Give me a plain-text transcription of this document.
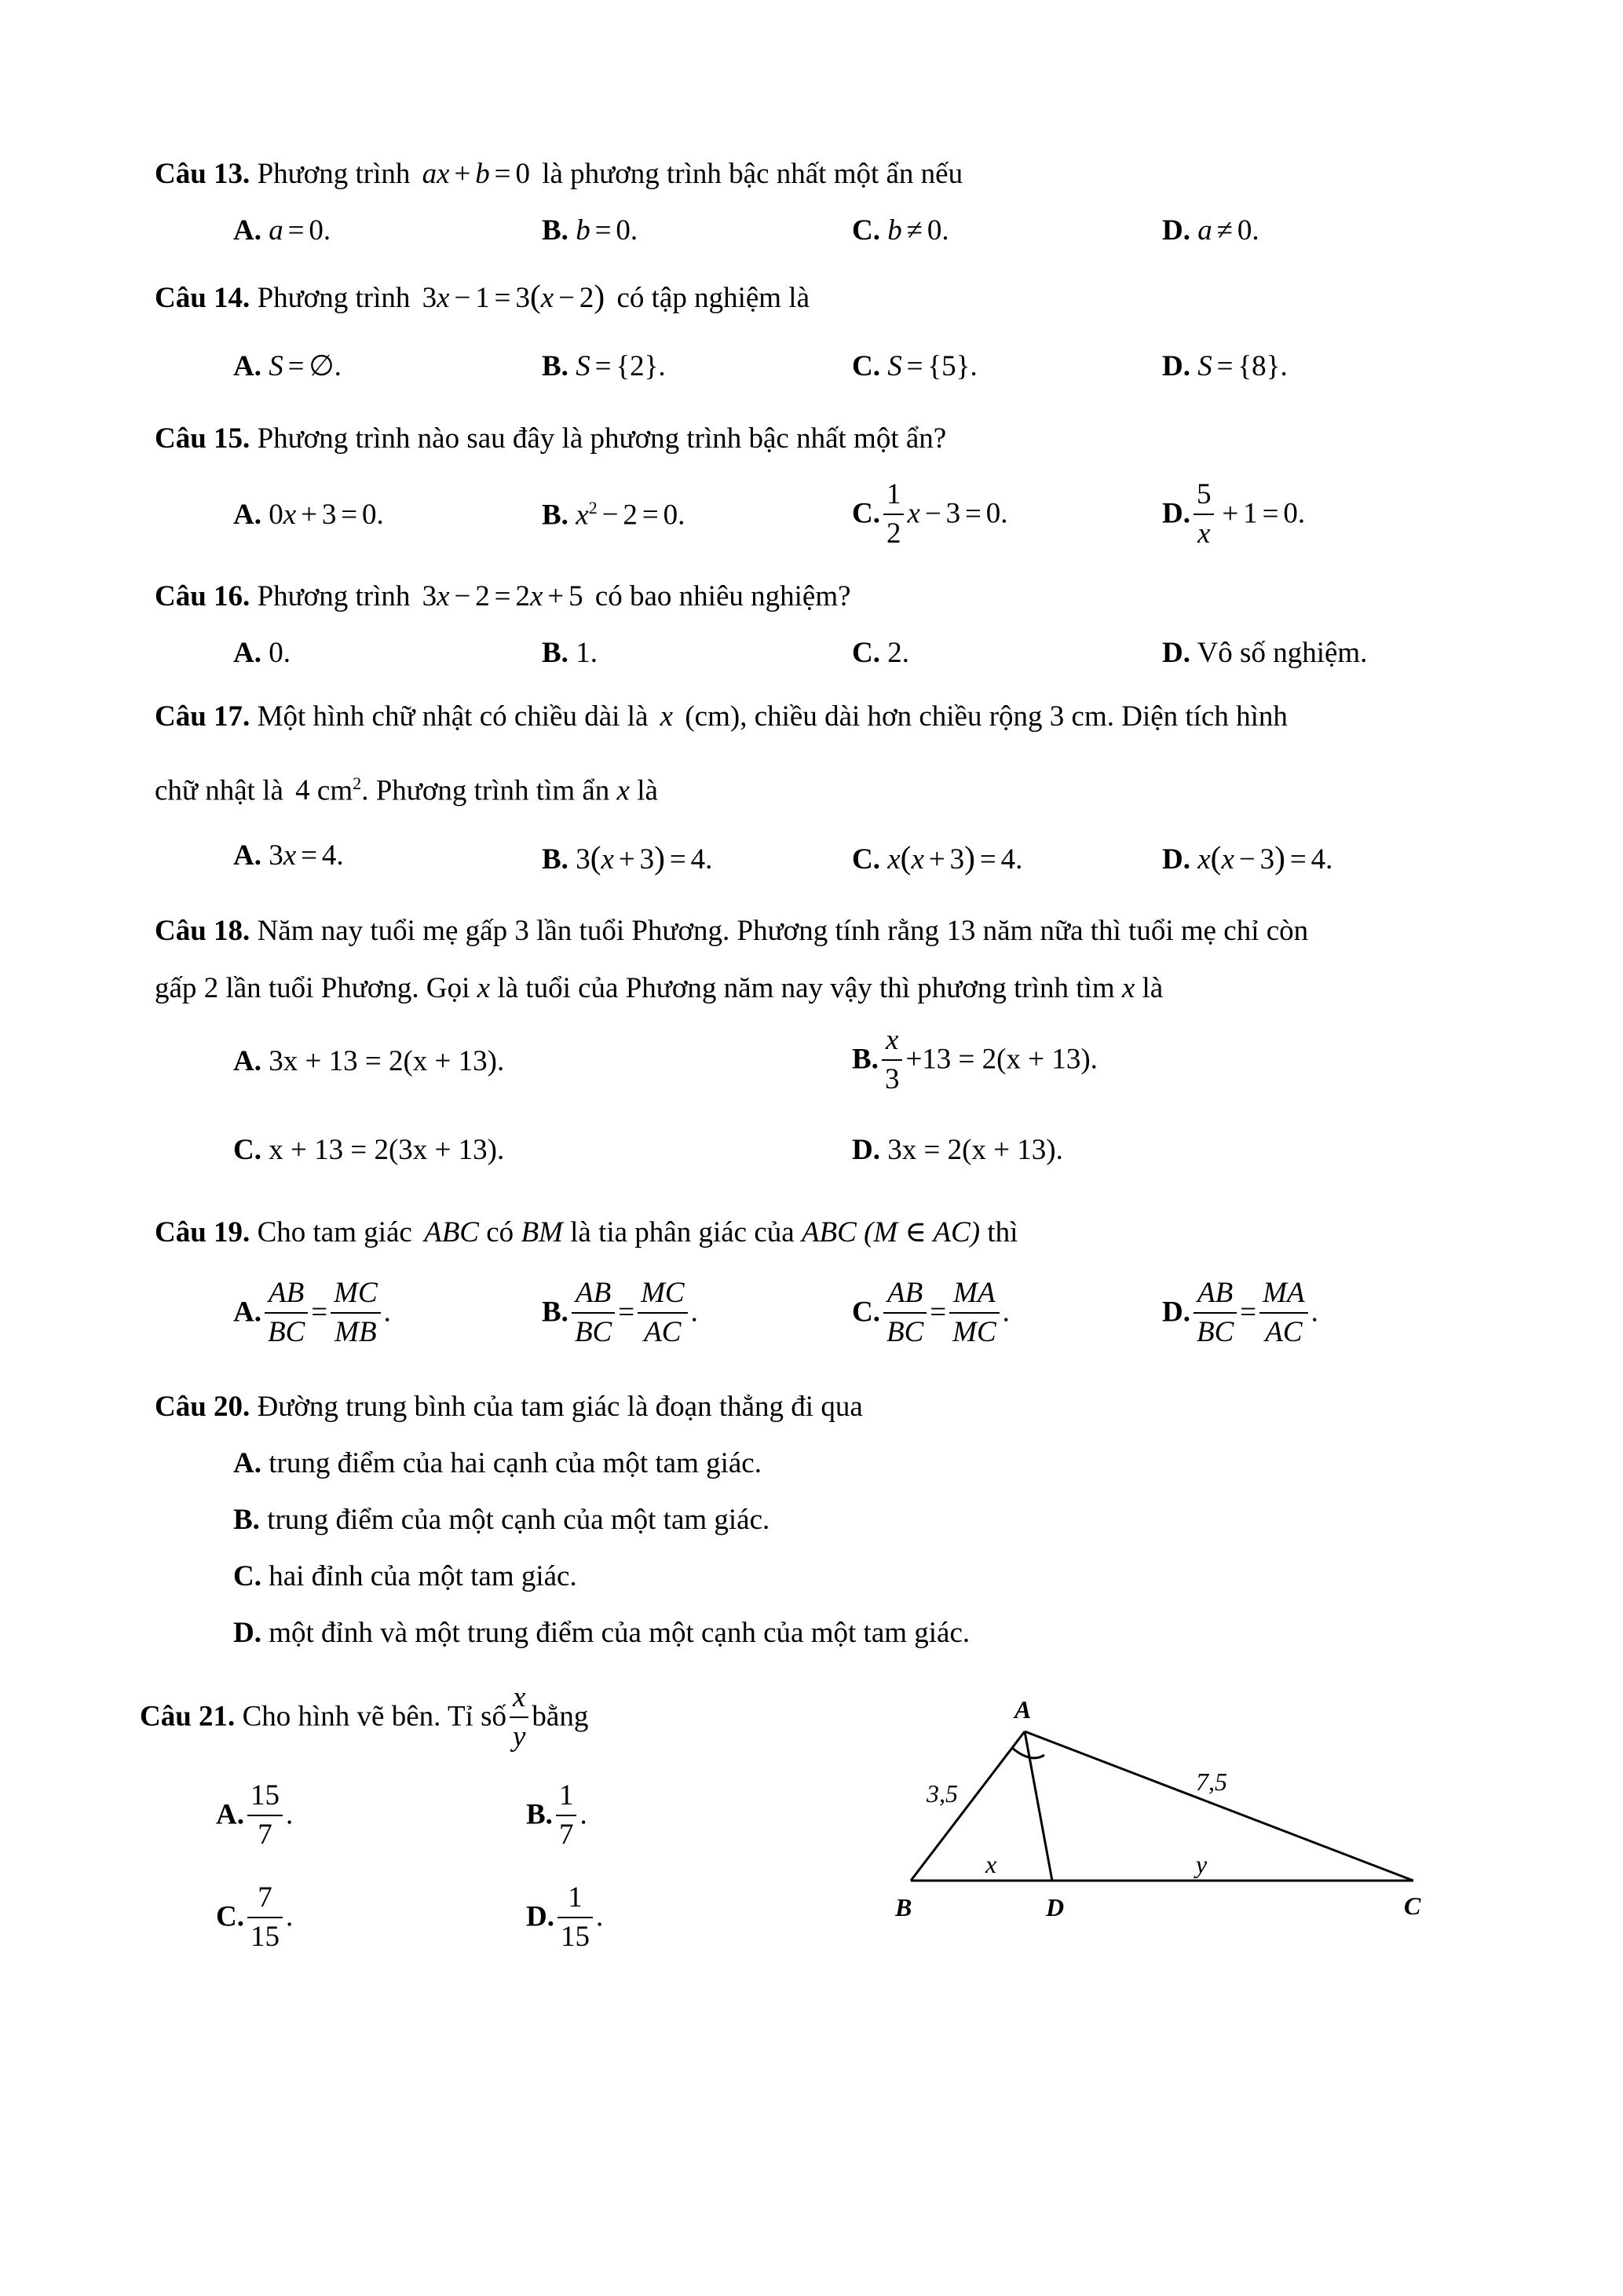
Câu 13. Phương trình ax + b = 0 là phương trình bậc nhất một ẩn nếu
A. a = 0.	B. b = 0.	C. b ≠ 0.	D. a ≠ 0.
Câu 14. Phương trình 3x − 1 = 3(x − 2) có tập nghiệm là
A. S = ∅.	B. S = {2}.	C. S = {5}.	D. S = {8}.
Câu 15. Phương trình nào sau đây là phương trình bậc nhất một ẩn?
A. 0x + 3 = 0.	B. $x^2 - 2 = 0$.	C. $\frac{1}{2}$ x − 3 = 0.	D. $\frac{5}{x} + 1 = 0$.
Câu 16. Phương trình 3x − 2 = 2x + 5 có bao nhiêu nghiệm?
A. 0.	B. 1.	C. 2.	D. Vô số nghiệm.
Câu 17. Một hình chữ nhật có chiều dài là x (cm), chiều dài hơn chiều rộng 3 cm. Diện tích hình
chữ nhật là 4 $cm^2$. Phương trình tìm ẩn x là
A. 3x = 4.	B. 3(x + 3) = 4.	C. x(x + 3) = 4.	D. x(x − 3) = 4.
Câu 18. Năm nay tuổi mẹ gấp 3 lần tuổi Phương. Phương tính rằng 13 năm nữa thì tuổi mẹ chỉ còn
gấp 2 lần tuổi Phương. Gọi x là tuổi của Phương năm nay vậy thì phương trình tìm x là
A. 3x + 13 = 2(x + 13).	B. $\frac{x}{3} +13 = 2(x + 13)$.
C. x + 13 = 2(3x + 13).	D. 3x = 2(x + 13).
Câu 19. Cho tam giác ABC có BM là tia phân giác của ABC (M ∈ AC) thì
A. $\frac{AB}{BC} = \frac{MC}{MB}$ .	B. $\frac{AB}{BC} = \frac{MC}{AC}$ .	C. $\frac{AB}{BC} = \frac{MA}{MC}$ .	D. $\frac{AB}{BC} = \frac{MA}{AC}$ .
Câu 20. Đường trung bình của tam giác là đoạn thẳng đi qua
A. trung điểm của hai cạnh của một tam giác.
B. trung điểm của một cạnh của một tam giác.
C. hai đỉnh của một tam giác.
D. một đỉnh và một trung điểm của một cạnh của một tam giác.
Câu 21. Cho hình vẽ bên. Tỉ số $\frac{x}{y}$ bằng
A. $\frac{15}{7}$ .	B. $\frac{1}{7}$ .
C. $\frac{7}{15}$ .	D. $\frac{1}{15}$ .
A
B	D	C
3,5	7,5
x	y
